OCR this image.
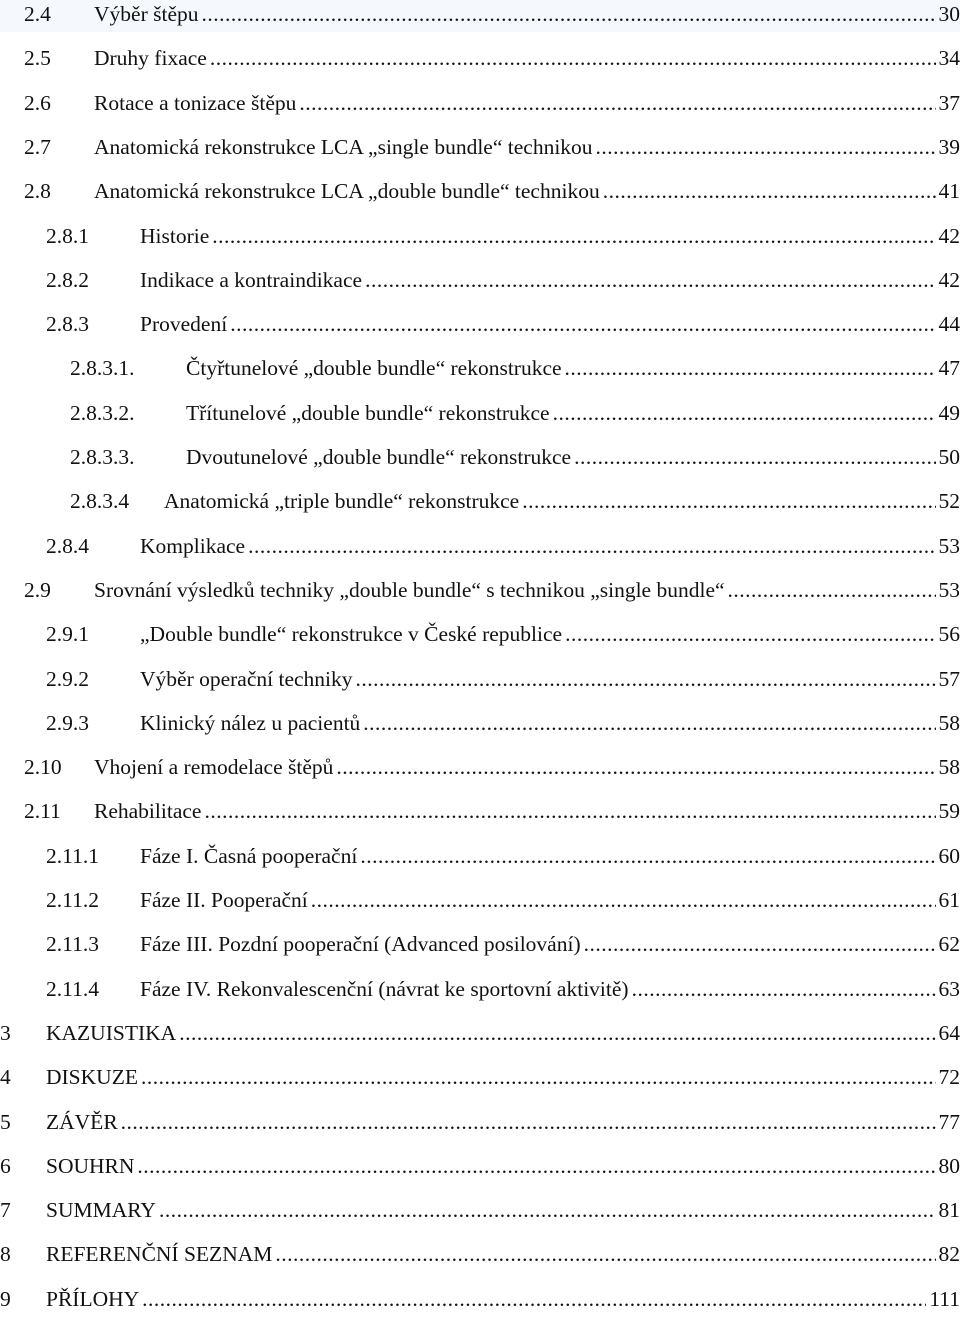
2.4 Výběr štěpu .....	30
2.5 Druhy fixace .....	34
2.6 Rotace a tonizace štěpu .....	37
2.7 Anatomická rekonstrukce LCA „single bundle“ technikou .....	39
2.8 Anatomická rekonstrukce LCA „double bundle“ technikou .....	41
2.8.1 Historie .....	42
2.8.2 Indikace a kontraindikace .....	42
2.8.3 Provedení .....	44
2.8.3.1. Čtyřtunelové „double bundle“ rekonstrukce .....	47
2.8.3.2. Třítunelové „double bundle“ rekonstrukce .....	49
2.8.3.3. Dvoutunelové „double bundle“ rekonstrukce .....	50
2.8.3.4 Anatomická „triple bundle“ rekonstrukce .....	52
2.8.4 Komplikace .....	53
2.9 Srovnání výsledků techniky „double bundle“ s technikou „single bundle“ .....	53
2.9.1 „Double bundle“ rekonstrukce v České republice .....	56
2.9.2 Výběr operační techniky .....	57
2.9.3 Klinický nález u pacientů .....	58
2.10 Vhojení a remodelace štěpů .....	58
2.11 Rehabilitace .....	59
2.11.1 Fáze I. Časná pooperační .....	60
2.11.2 Fáze II. Pooperační .....	61
2.11.3 Fáze III. Pozdní pooperační (Advanced posilování) .....	62
2.11.4 Fáze IV. Rekonvalescenční (návrat ke sportovní aktivitě) .....	63
3 KAZUISTIKA .....	64
4 DISKUZE .....	72
5 ZÁVĚR .....	77
6 SOUHRN .....	80
7 SUMMARY .....	81
8 REFERENČNÍ SEZNAM .....	82
9 PŘÍLOHY .....	111
